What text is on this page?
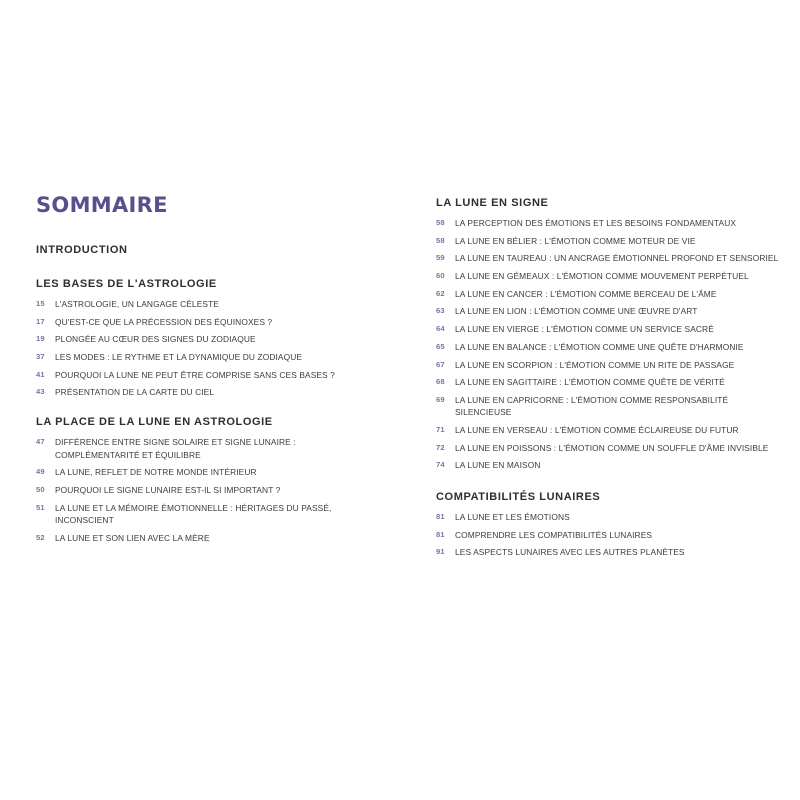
SOMMAIRE
INTRODUCTION
LES BASES DE L'ASTROLOGIE
15	L'ASTROLOGIE, UN LANGAGE CÉLESTE
17	QU'EST-CE QUE LA PRÉCESSION DES ÉQUINOXES ?
19	PLONGÉE AU CŒUR DES SIGNES DU ZODIAQUE
37	LES MODES : LE RYTHME ET LA DYNAMIQUE DU ZODIAQUE
41	POURQUOI LA LUNE NE PEUT ÊTRE COMPRISE SANS CES BASES ?
43	PRÉSENTATION DE LA CARTE DU CIEL
LA PLACE DE LA LUNE EN ASTROLOGIE
47	DIFFÉRENCE ENTRE SIGNE SOLAIRE ET SIGNE LUNAIRE : COMPLÉMENTARITÉ ET ÉQUILIBRE
49	LA LUNE, REFLET DE NOTRE MONDE INTÉRIEUR
50	POURQUOI LE SIGNE LUNAIRE EST-IL SI IMPORTANT ?
51	LA LUNE ET LA MÉMOIRE ÉMOTIONNELLE : HÉRITAGES DU PASSÉ, INCONSCIENT
52	LA LUNE ET SON LIEN AVEC LA MÈRE
LA LUNE EN SIGNE
58	LA PERCEPTION DES ÉMOTIONS ET LES BESOINS FONDAMENTAUX
58	LA LUNE EN BÉLIER : L'ÉMOTION COMME MOTEUR DE VIE
59	LA LUNE EN TAUREAU : UN ANCRAGE ÉMOTIONNEL PROFOND ET SENSORIEL
60	LA LUNE EN GÉMEAUX : L'ÉMOTION COMME MOUVEMENT PERPÉTUEL
62	LA LUNE EN CANCER : L'ÉMOTION COMME BERCEAU DE L'ÂME
63	LA LUNE EN LION : L'ÉMOTION COMME UNE ŒUVRE D'ART
64	LA LUNE EN VIERGE : L'ÉMOTION COMME UN SERVICE SACRÉ
65	LA LUNE EN BALANCE : L'ÉMOTION COMME UNE QUÊTE D'HARMONIE
67	LA LUNE EN SCORPION : L'ÉMOTION COMME UN RITE DE PASSAGE
68	LA LUNE EN SAGITTAIRE : L'ÉMOTION COMME QUÊTE DE VÉRITÉ
69	LA LUNE EN CAPRICORNE : L'ÉMOTION COMME RESPONSABILITÉ SILENCIEUSE
71	LA LUNE EN VERSEAU : L'ÉMOTION COMME ÉCLAIREUSE DU FUTUR
72	LA LUNE EN POISSONS : L'ÉMOTION COMME UN SOUFFLE D'ÂME INVISIBLE
74	LA LUNE EN MAISON
COMPATIBILITÉS LUNAIRES
81	LA LUNE ET LES ÉMOTIONS
81	COMPRENDRE LES COMPATIBILITÉS LUNAIRES
91	LES ASPECTS LUNAIRES AVEC LES AUTRES PLANÈTES
